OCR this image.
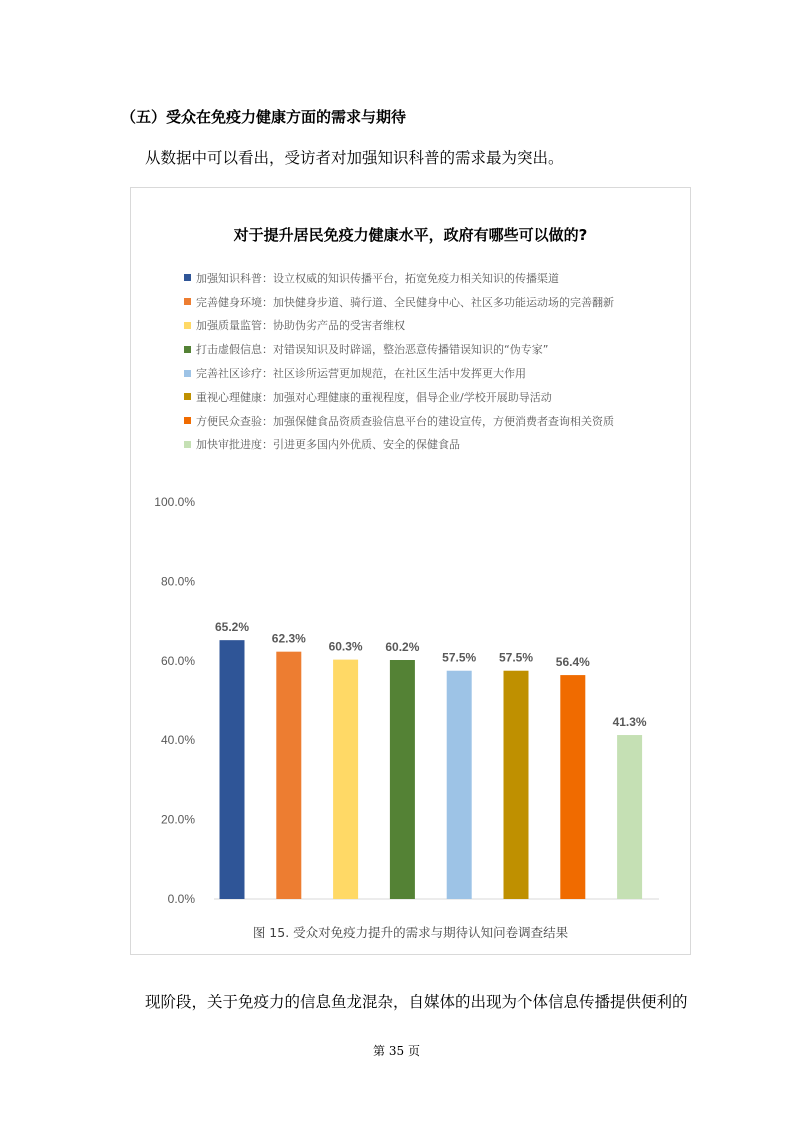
（五）受众在免疫力健康方面的需求与期待
从数据中可以看出，受访者对加强知识科普的需求最为突出。
对于提升居民免疫力健康水平，政府有哪些可以做的?
加强知识科普：设立权威的知识传播平台，拓宽免疫力相关知识的传播渠道
完善健身环境：加快健身步道、骑行道、全民健身中心、社区多功能运动场的完善翻新
加强质量监管：协助伪劣产品的受害者维权
打击虚假信息：对错误知识及时辟谣，整治恶意传播错误知识的“伪专家”
完善社区诊疗：社区诊所运营更加规范，在社区生活中发挥更大作用
重视心理健康：加强对心理健康的重视程度，倡导企业/学校开展助导活动
方便民众查验：加强保健食品资质查验信息平台的建设宣传，方便消费者查询相关资质
加快审批进度：引进更多国内外优质、安全的保健食品
0.0%
20.0%
40.0%
60.0%
80.0%
100.0%
65.2%
62.3%
60.3% 60.2%
57.5% 57.5% 56.4%
41.3%
图 15. 受众对免疫力提升的需求与期待认知问卷调查结果
现阶段，关于免疫力的信息鱼龙混杂，自媒体的出现为个体信息传播提供便利的
第 35 页
